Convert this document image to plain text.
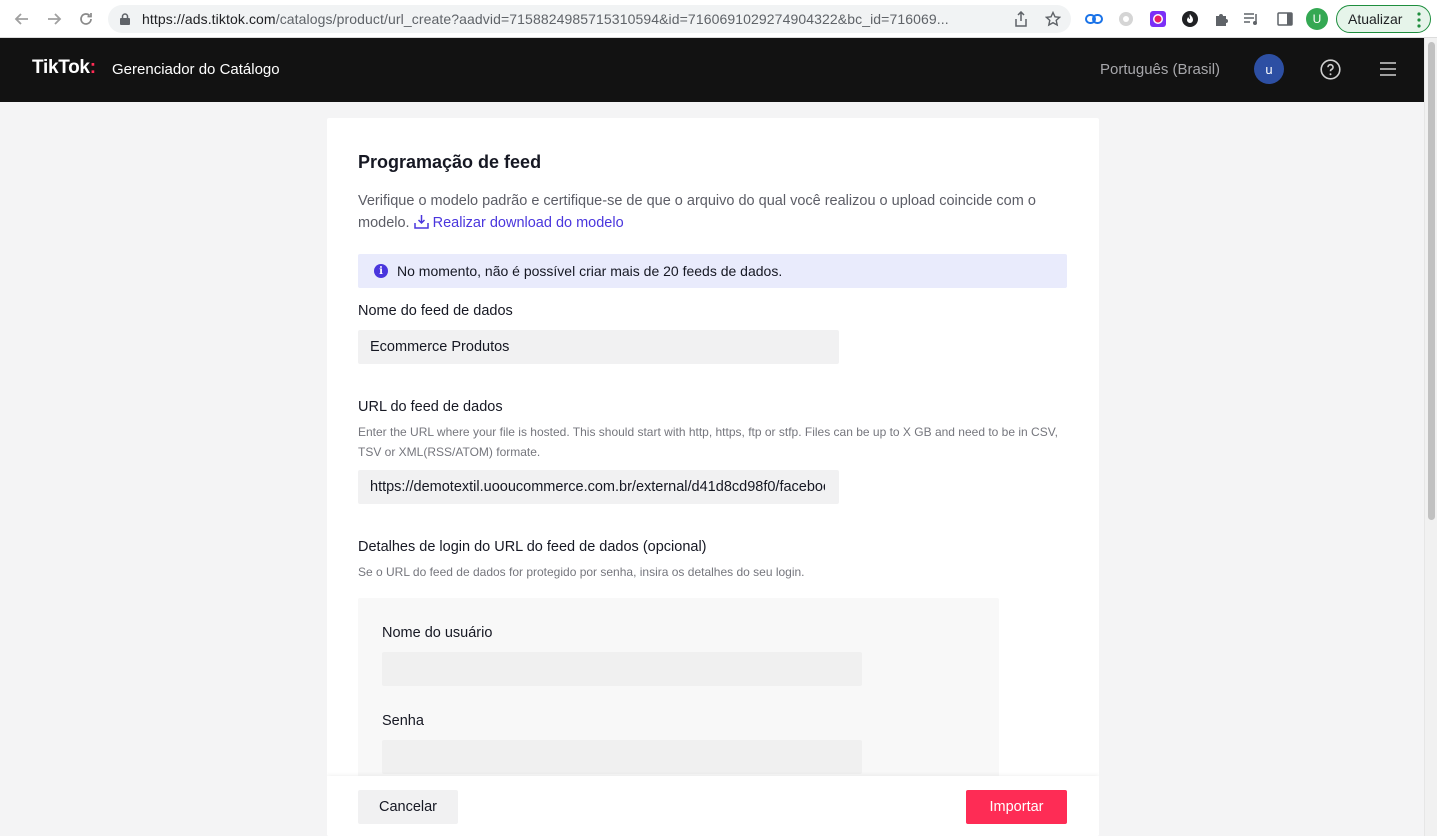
https://ads.tiktok.com/catalogs/product/url_create?aadvid=7158824985715310594&id=7160691029274904322&bc_id=716069...	U	Atualizar
TikTok: Gerenciador do Catálogo	Português (Brasil)	u
Programação de feed
Verifique o modelo padrão e certifique-se de que o arquivo do qual você realizou o upload coincide com o modelo. Realizar download do modelo
i	No momento, não é possível criar mais de 20 feeds de dados.
Nome do feed de dados
Ecommerce Produtos
URL do feed de dados
Enter the URL where your file is hosted. This should start with http, https, ftp or stfp. Files can be up to X GB and need to be in CSV, TSV or XML(RSS/ATOM) formate.
https://demotextil.uooucommerce.com.br/external/d41d8cd98f0/facebook
Detalhes de login do URL do feed de dados (opcional)
Se o URL do feed de dados for protegido por senha, insira os detalhes do seu login.
Nome do usuário
Senha
Cancelar	Importar
